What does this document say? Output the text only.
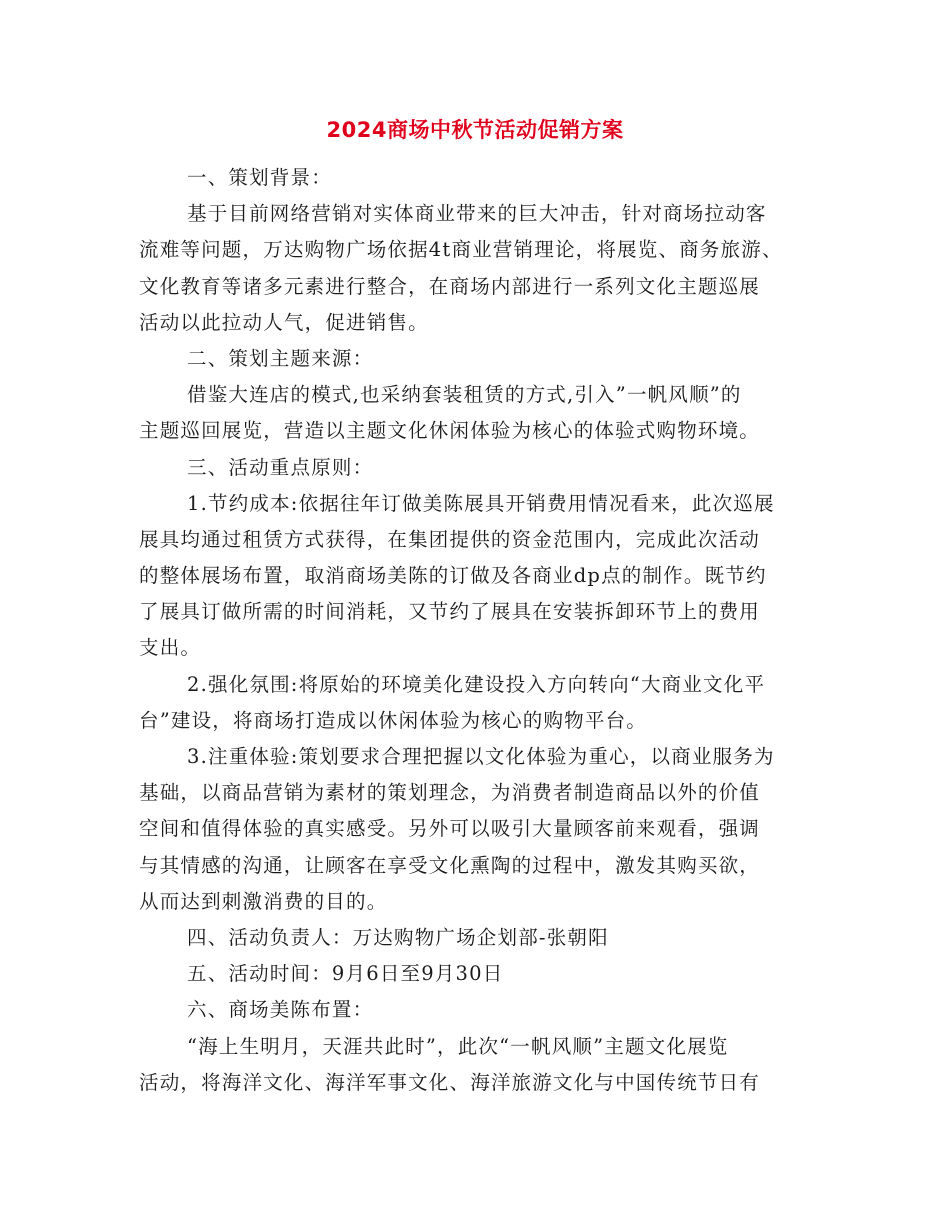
2024商场中秋节活动促销方案
一、策划背景：
基于目前网络营销对实体商业带来的巨大冲击，针对商场拉动客
流难等问题，万达购物广场依据4t商业营销理论，将展览、商务旅游、
文化教育等诸多元素进行整合，在商场内部进行一系列文化主题巡展
活动以此拉动人气，促进销售。
二、策划主题来源：
借鉴大连店的模式,也采纳套装租赁的方式,引入”一帆风顺”的
主题巡回展览，营造以主题文化休闲体验为核心的体验式购物环境。
三、活动重点原则：
1.节约成本:依据往年订做美陈展具开销费用情况看来，此次巡展
展具均通过租赁方式获得，在集团提供的资金范围内，完成此次活动
的整体展场布置，取消商场美陈的订做及各商业dp点的制作。既节约
了展具订做所需的时间消耗，又节约了展具在安装拆卸环节上的费用
支出。
2.强化氛围:将原始的环境美化建设投入方向转向“大商业文化平
台”建设，将商场打造成以休闲体验为核心的购物平台。
3.注重体验:策划要求合理把握以文化体验为重心，以商业服务为
基础，以商品营销为素材的策划理念，为消费者制造商品以外的价值
空间和值得体验的真实感受。另外可以吸引大量顾客前来观看，强调
与其情感的沟通，让顾客在享受文化熏陶的过程中，激发其购买欲，
从而达到刺激消费的目的。
四、活动负责人：万达购物广场企划部-张朝阳
五、活动时间：9月6日至9月30日
六、商场美陈布置：
“海上生明月，天涯共此时”，此次“一帆风顺”主题文化展览
活动，将海洋文化、海洋军事文化、海洋旅游文化与中国传统节日有
